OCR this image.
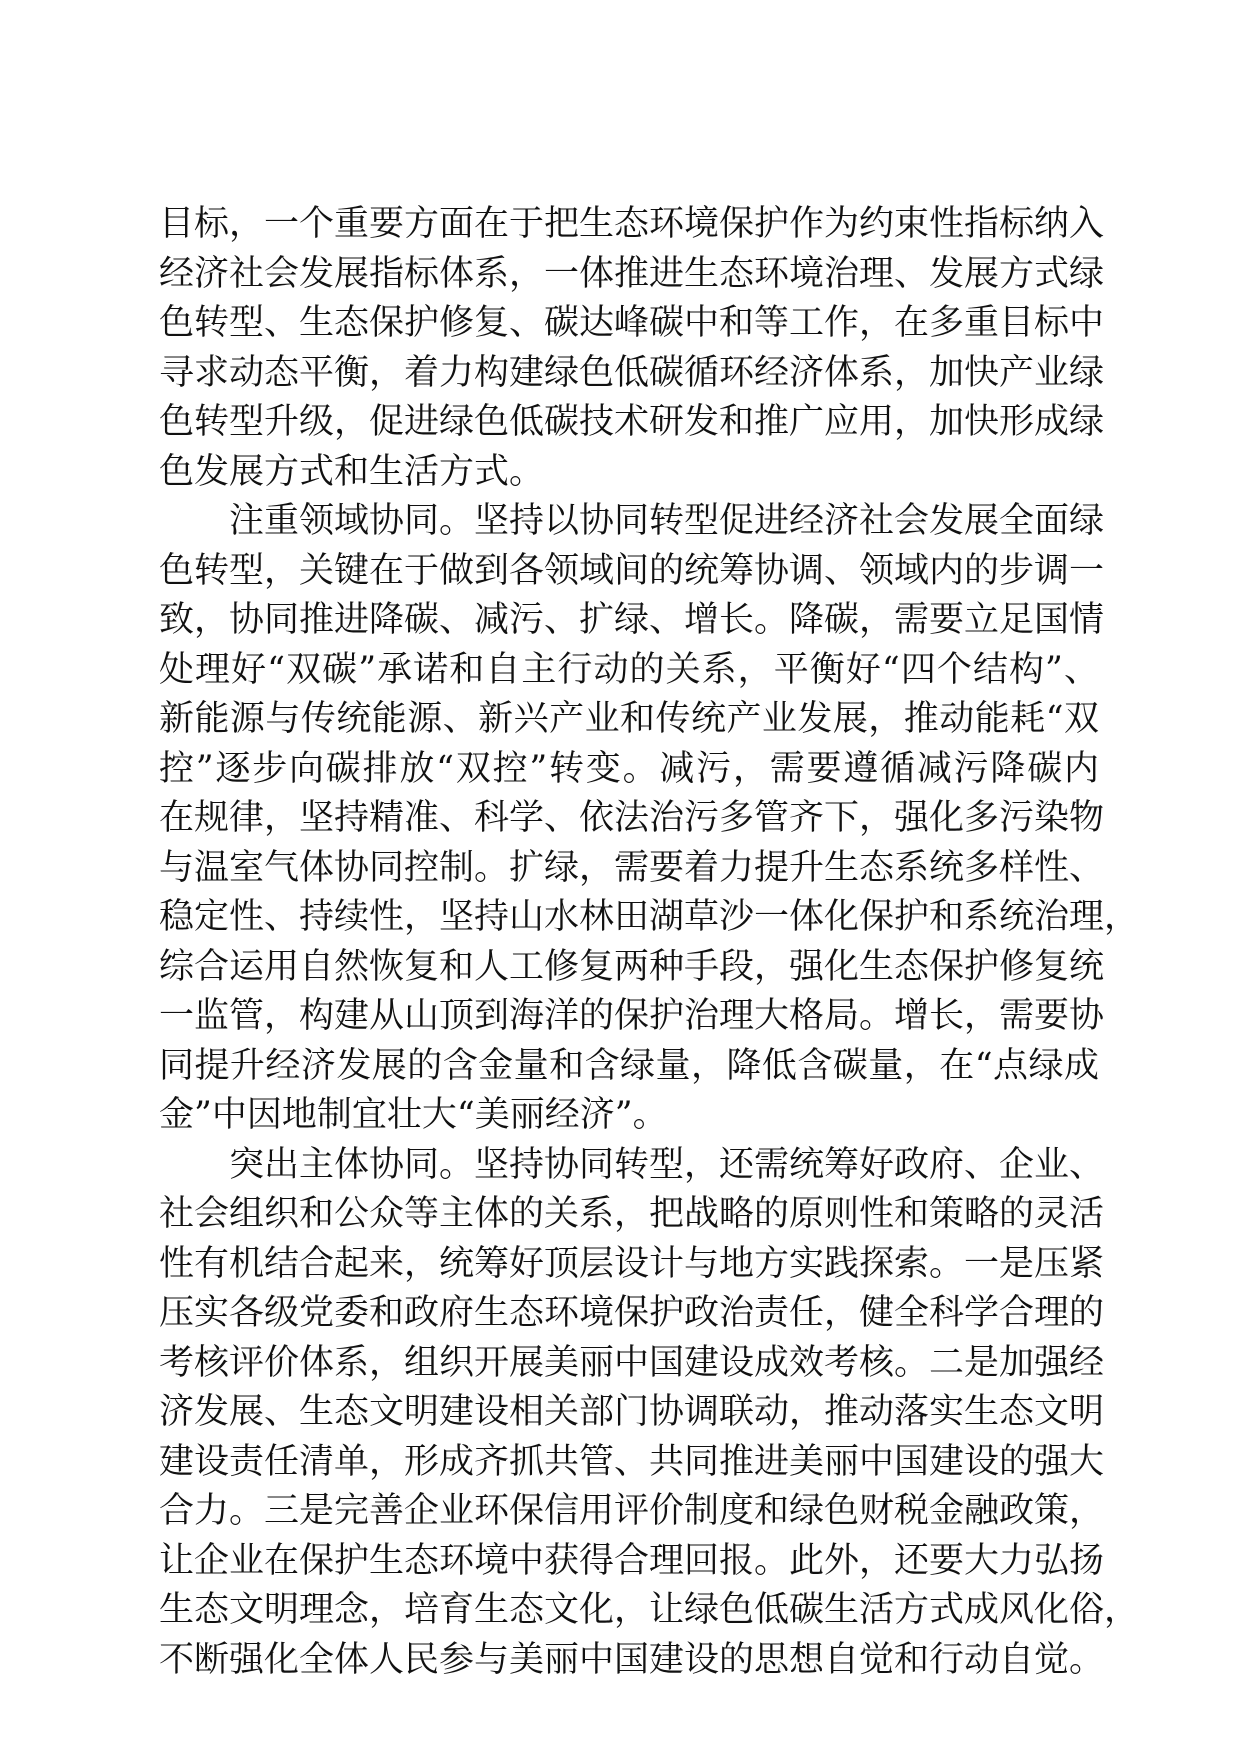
目标，一个重要方面在于把生态环境保护作为约束性指标纳入
经济社会发展指标体系，一体推进生态环境治理、发展方式绿
色转型、生态保护修复、碳达峰碳中和等工作，在多重目标中
寻求动态平衡，着力构建绿色低碳循环经济体系，加快产业绿
色转型升级，促进绿色低碳技术研发和推广应用，加快形成绿
色发展方式和生活方式。
注重领域协同。坚持以协同转型促进经济社会发展全面绿
色转型，关键在于做到各领域间的统筹协调、领域内的步调一
致，协同推进降碳、减污、扩绿、增长。降碳，需要立足国情
处理好“双碳”承诺和自主行动的关系，平衡好“四个结构”、
新能源与传统能源、新兴产业和传统产业发展，推动能耗“双
控”逐步向碳排放“双控”转变。减污，需要遵循减污降碳内
在规律，坚持精准、科学、依法治污多管齐下，强化多污染物
与温室气体协同控制。扩绿，需要着力提升生态系统多样性、
稳定性、持续性，坚持山水林田湖草沙一体化保护和系统治理，
综合运用自然恢复和人工修复两种手段，强化生态保护修复统
一监管，构建从山顶到海洋的保护治理大格局。增长，需要协
同提升经济发展的含金量和含绿量，降低含碳量，在“点绿成
金”中因地制宜壮大“美丽经济”。
突出主体协同。坚持协同转型，还需统筹好政府、企业、
社会组织和公众等主体的关系，把战略的原则性和策略的灵活
性有机结合起来，统筹好顶层设计与地方实践探索。一是压紧
压实各级党委和政府生态环境保护政治责任，健全科学合理的
考核评价体系，组织开展美丽中国建设成效考核。二是加强经
济发展、生态文明建设相关部门协调联动，推动落实生态文明
建设责任清单，形成齐抓共管、共同推进美丽中国建设的强大
合力。三是完善企业环保信用评价制度和绿色财税金融政策，
让企业在保护生态环境中获得合理回报。此外，还要大力弘扬
生态文明理念，培育生态文化，让绿色低碳生活方式成风化俗，
不断强化全体人民参与美丽中国建设的思想自觉和行动自觉。
